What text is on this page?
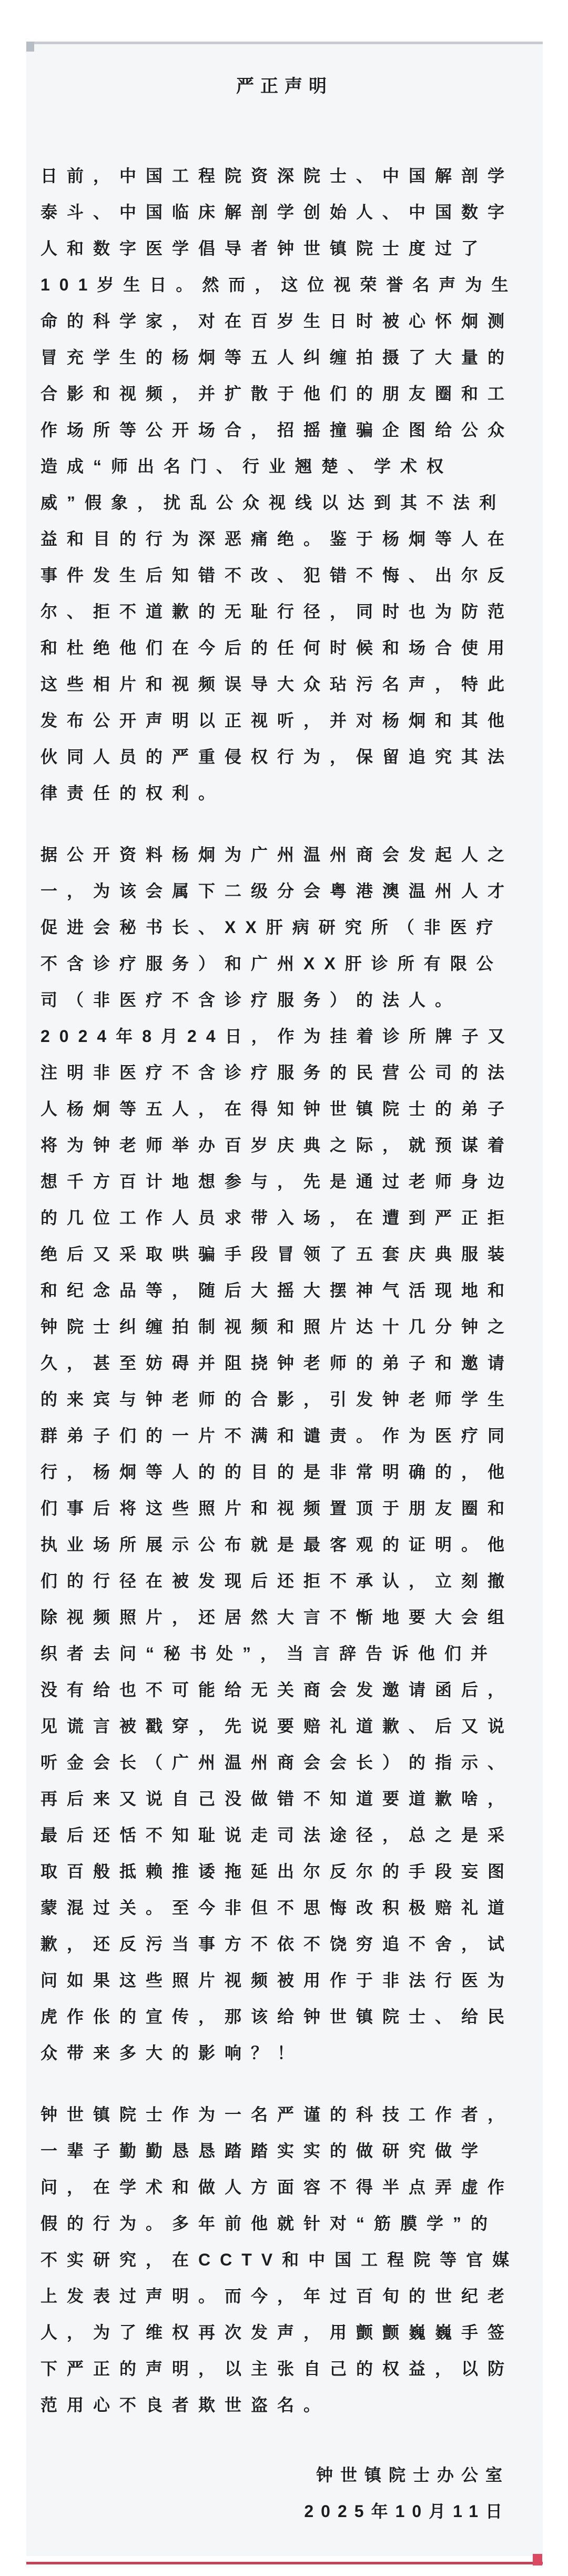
严正声明

日前，中国工程院资深院士、中国解剖学泰斗、中国临床解剖学创始人、中国数字人和数字医学倡导者钟世镇院士度过了101岁生日。然而，这位视荣誉名声为生命的科学家，对在百岁生日时被心怀炯测冒充学生的杨炯等五人纠缠拍摄了大量的合影和视频，并扩散于他们的朋友圈和工作场所等公开场合，招摇撞骗企图给公众造成“师出名门、行业翘楚、学术权威”假象，扰乱公众视线以达到其不法利益和目的行为深恶痛绝。鉴于杨炯等人在事件发生后知错不改、犯错不悔、出尔反尔、拒不道歉的无耻行径，同时也为防范和杜绝他们在今后的任何时候和场合使用这些相片和视频误导大众玷污名声，特此发布公开声明以正视听，并对杨炯和其他伙同人员的严重侵权行为，保留追究其法律责任的权利。

据公开资料杨炯为广州温州商会发起人之一，为该会属下二级分会粤港澳温州人才促进会秘书长、XX肝病研究所（非医疗不含诊疗服务）和广州XX肝诊所有限公司（非医疗不含诊疗服务）的法人。2024年8月24日，作为挂着诊所牌子又注明非医疗不含诊疗服务的民营公司的法人杨炯等五人，在得知钟世镇院士的弟子将为钟老师举办百岁庆典之际，就预谋着想千方百计地想参与，先是通过老师身边的几位工作人员求带入场，在遭到严正拒绝后又采取哄骗手段冒领了五套庆典服装和纪念品等，随后大摇大摆神气活现地和钟院士纠缠拍制视频和照片达十几分钟之久，甚至妨碍并阻挠钟老师的弟子和邀请的来宾与钟老师的合影，引发钟老师学生群弟子们的一片不满和谴责。作为医疗同行，杨炯等人的的目的是非常明确的，他们事后将这些照片和视频置顶于朋友圈和执业场所展示公布就是最客观的证明。他们的行径在被发现后还拒不承认，立刻撤除视频照片，还居然大言不惭地要大会组织者去问“秘书处”，当言辞告诉他们并没有给也不可能给无关商会发邀请函后，见谎言被戳穿，先说要赔礼道歉、后又说听金会长（广州温州商会会长）的指示、再后来又说自己没做错不知道要道歉啥，最后还恬不知耻说走司法途径，总之是采取百般抵赖推诿拖延出尔反尔的手段妄图蒙混过关。至今非但不思悔改积极赔礼道歉，还反污当事方不依不饶穷追不舍，试问如果这些照片视频被用作于非法行医为虎作伥的宣传，那该给钟世镇院士、给民众带来多大的影响？！

钟世镇院士作为一名严谨的科技工作者，一辈子勤勤恳恳踏踏实实的做研究做学问，在学术和做人方面容不得半点弄虚作假的行为。多年前他就针对“筋膜学”的不实研究，在CCTV和中国工程院等官媒上发表过声明。而今，年过百旬的世纪老人，为了维权再次发声，用颤颤巍巍手签下严正的声明，以主张自己的权益，以防范用心不良者欺世盗名。

钟世镇院士办公室
2025年10月11日
